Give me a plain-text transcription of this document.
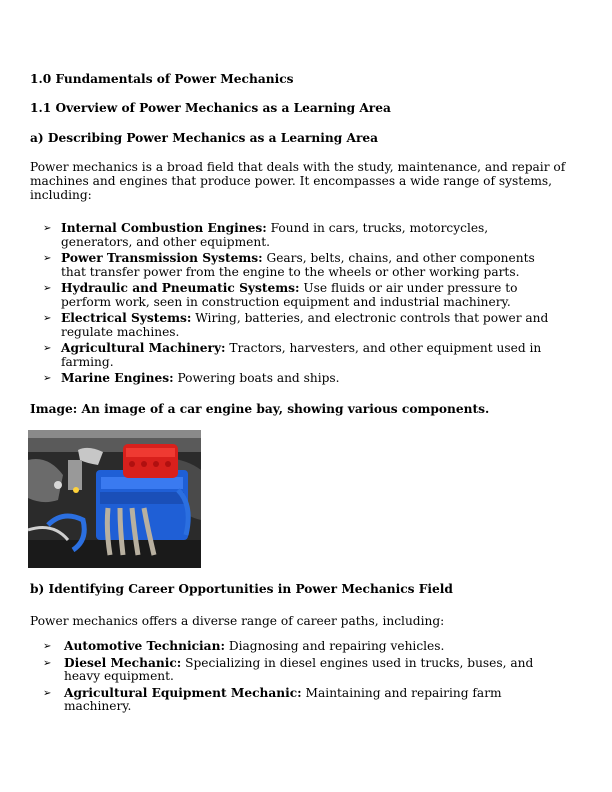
1.0 Fundamentals of Power Mechanics
1.1 Overview of Power Mechanics as a Learning Area
a) Describing Power Mechanics as a Learning Area
Power mechanics is a broad field that deals with the study, maintenance, and repair of machines and engines that produce power. It encompasses a wide range of systems, including:
➢ Internal Combustion Engines: Found in cars, trucks, motorcycles, generators, and other equipment.
➢ Power Transmission Systems: Gears, belts, chains, and other components that transfer power from the engine to the wheels or other working parts.
➢ Hydraulic and Pneumatic Systems: Use fluids or air under pressure to perform work, seen in construction equipment and industrial machinery.
➢ Electrical Systems: Wiring, batteries, and electronic controls that power and regulate machines.
➢ Agricultural Machinery: Tractors, harvesters, and other equipment used in farming.
➢ Marine Engines: Powering boats and ships.
Image: An image of a car engine bay, showing various components.
b) Identifying Career Opportunities in Power Mechanics Field
Power mechanics offers a diverse range of career paths, including:
➢ Automotive Technician: Diagnosing and repairing vehicles.
➢ Diesel Mechanic: Specializing in diesel engines used in trucks, buses, and heavy equipment.
➢ Agricultural Equipment Mechanic: Maintaining and repairing farm machinery.
